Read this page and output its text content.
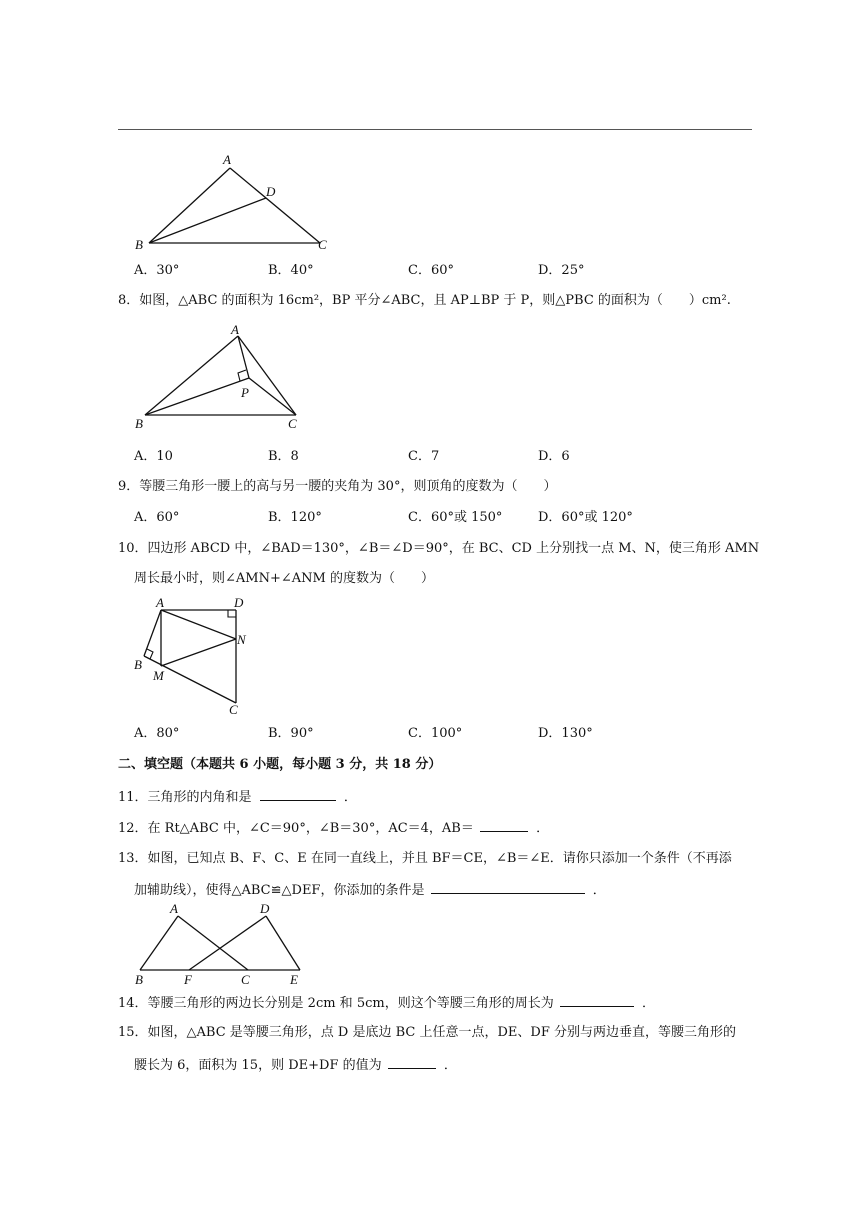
A
D
B	C
A．30°	B．40°	C．60°	D．25°
8．如图，△ABC 的面积为 16cm²，BP 平分∠ABC，且 AP⊥BP 于 P，则△PBC 的面积为（　　）cm².
A
P
B	C
A．10	B．8	C．7	D．6
9．等腰三角形一腰上的高与另一腰的夹角为 30°，则顶角的度数为（　　）
A．60°	B．120°	C．60°或 150°	D．60°或 120°
10．四边形 ABCD 中，∠BAD＝130°，∠B＝∠D＝90°，在 BC、CD 上分别找一点 M、N，使三角形 AMN
周长最小时，则∠AMN+∠ANM 的度数为（　　）
A	D
N
B
M
C
A．80°	B．90°	C．100°	D．130°
二、填空题（本题共 6 小题，每小题 3 分，共 18 分）
11．三角形的内角和是	．
12．在 Rt△ABC 中，∠C＝90°，∠B＝30°，AC＝4，AB＝	．
13．如图，已知点 B、F、C、E 在同一直线上，并且 BF＝CE，∠B＝∠E．请你只添加一个条件（不再添
加辅助线），使得△ABC≌△DEF，你添加的条件是	．
A	D
B	F	C	E
14．等腰三角形的两边长分别是 2cm 和 5cm，则这个等腰三角形的周长为	．
15．如图，△ABC 是等腰三角形，点 D 是底边 BC 上任意一点，DE、DF 分别与两边垂直，等腰三角形的
腰长为 6，面积为 15，则 DE+DF 的值为	．
